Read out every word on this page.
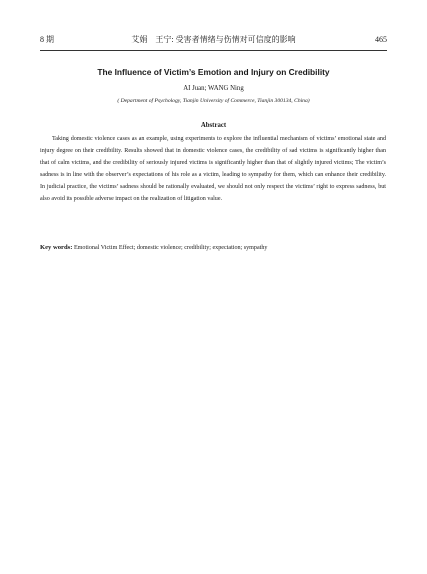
8 期	艾娟　王宁: 受害者情绪与伤情对可信度的影响	465
The Influence of Victim’s Emotion and Injury on Credibility
AI Juan; WANG Ning
( Department of Psychology, Tianjin University of Commerce, Tianjin 300134, China)
Abstract

Taking domestic violence cases as an example, using experiments to explore the influential mechanism of victims’ emotional state and injury degree on their credibility. Results showed that in domestic violence cases, the credibility of sad victims is significantly higher than that of calm victims, and the credibility of seriously injured victims is significantly higher than that of slightly injured victims; The victim’s sadness is in line with the observer’s expectations of his role as a victim, leading to sympathy for them, which can enhance their credibility. In judicial practice, the victims’ sadness should be rationally evaluated, we should not only respect the victims’ right to express sadness, but also avoid its possible adverse impact on the realization of litigation value.

Key words: Emotional Victim Effect; domestic violence; credibility; expectation; sympathy
